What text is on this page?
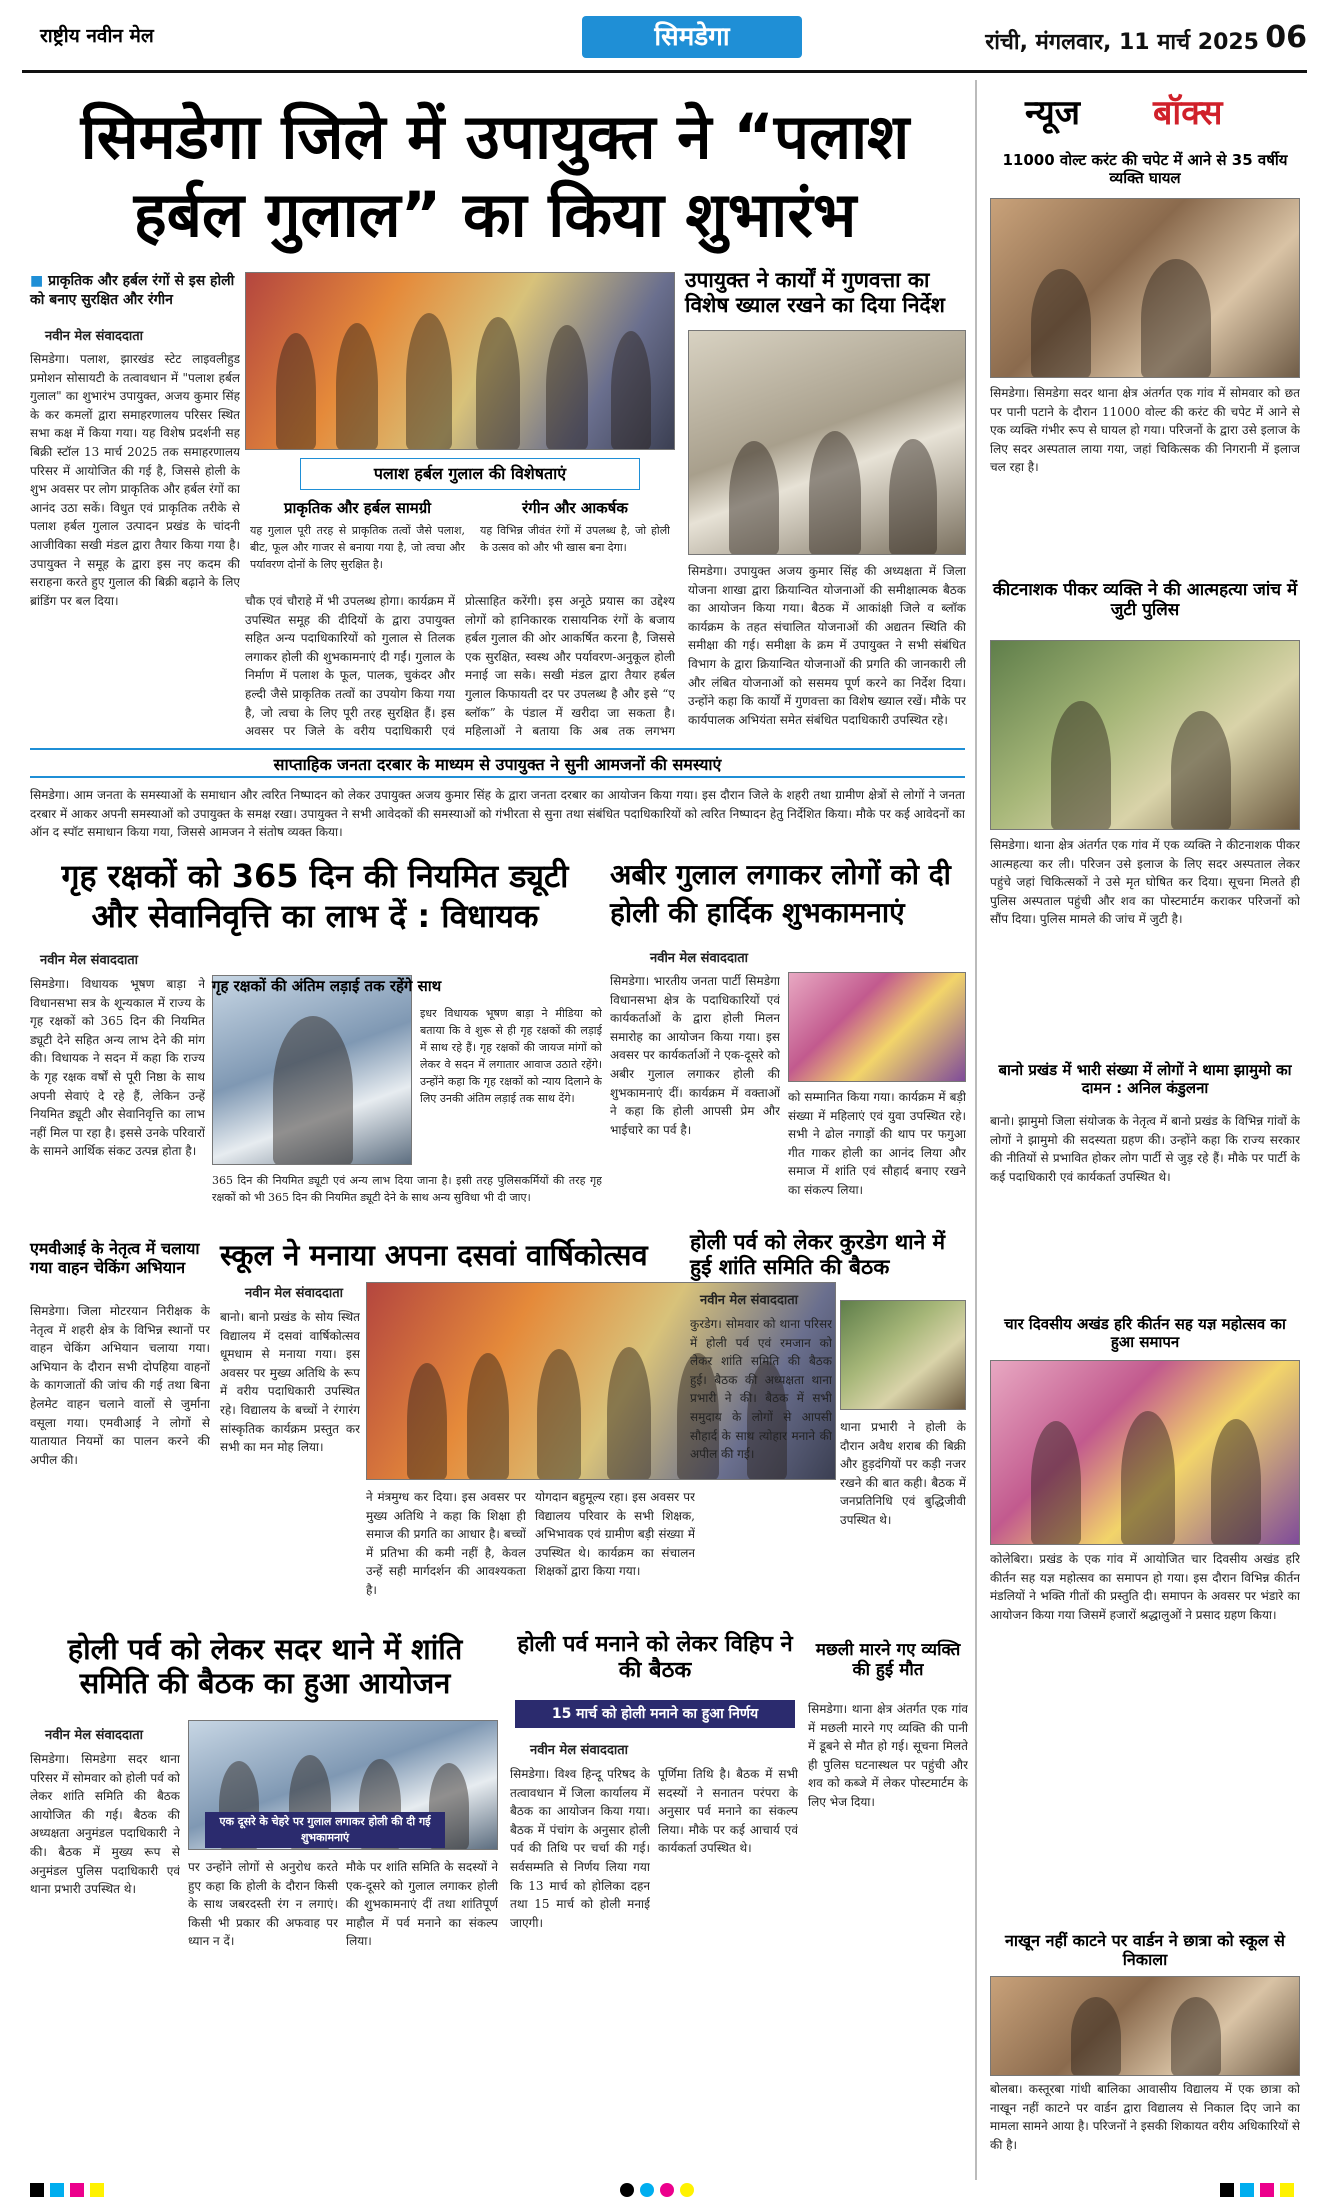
राष्ट्रीय नवीन मेल	सिमडेगा	रांची, मंगलवार, 11 मार्च 2025 06
सिमडेगा जिले में उपायुक्त ने “पलाश
हर्बल गुलाल” का किया शुभारंभ
■ प्राकृतिक और हर्बल रंगों से इस होली को बनाए सुरक्षित और रंगीन
नवीन मेल संवाददाता
सिमडेगा। पलाश, झारखंड स्टेट लाइवलीहुड प्रमोशन सोसायटी के तत्वावधान में "पलाश हर्बल गुलाल" का शुभारंभ उपायुक्त, अजय कुमार सिंह के कर कमलों द्वारा समाहरणालय परिसर स्थित सभा कक्ष में किया गया। यह विशेष प्रदर्शनी सह बिक्री स्टॉल 13 मार्च 2025 तक समाहरणालय परिसर में आयोजित की गई है, जिससे होली के शुभ अवसर पर लोग प्राकृतिक और हर्बल रंगों का आनंद उठा सकें। विधुत एवं प्राकृतिक तरीके से पलाश हर्बल गुलाल उत्पादन प्रखंड के चांदनी आजीविका सखी मंडल द्वारा तैयार किया गया है। उपायुक्त ने समूह के द्वारा इस नए कदम की सराहना करते हुए गुलाल की बिक्री बढ़ाने के लिए ब्रांडिंग पर बल दिया।
पलाश हर्बल गुलाल की विशेषताएं
प्राकृतिक और हर्बल सामग्री
यह गुलाल पूरी तरह से प्राकृतिक तत्वों जैसे पलाश, बीट, फूल और गाजर से बनाया गया है, जो त्वचा और पर्यावरण दोनों के लिए सुरक्षित है।
रंगीन और आकर्षक
यह विभिन्न जीवंत रंगों में उपलब्ध है, जो होली के उत्सव को और भी खास बना देगा।
चौक एवं चौराहे में भी उपलब्ध होगा। कार्यक्रम में उपस्थित समूह की दीदियों के द्वारा उपायुक्त सहित अन्य पदाधिकारियों को गुलाल से तिलक लगाकर होली की शुभकामनाएं दी गईं। गुलाल के निर्माण में पलाश के फूल, पालक, चुकंदर और हल्दी जैसे प्राकृतिक तत्वों का उपयोग किया गया है, जो त्वचा के लिए पूरी तरह सुरक्षित हैं। इस अवसर पर जिले के वरीय पदाधिकारी एवं
प्रोत्साहित करेंगी। इस अनूठे प्रयास का उद्देश्य लोगों को हानिकारक रासायनिक रंगों के बजाय हर्बल गुलाल की ओर आकर्षित करना है, जिससे एक सुरक्षित, स्वस्थ और पर्यावरण-अनुकूल होली मनाई जा सके। सखी मंडल द्वारा तैयार हर्बल गुलाल किफायती दर पर उपलब्ध है और इसे “ए ब्लॉक” के पंडाल में खरीदा जा सकता है। महिलाओं ने बताया कि अब तक लगभग
उपायुक्त ने कार्यों में गुणवत्ता का विशेष ख्याल रखने का दिया निर्देश
सिमडेगा। उपायुक्त अजय कुमार सिंह की अध्यक्षता में जिला योजना शाखा द्वारा क्रियान्वित योजनाओं की समीक्षात्मक बैठक का आयोजन किया गया। बैठक में आकांक्षी जिले व ब्लॉक कार्यक्रम के तहत संचालित योजनाओं की अद्यतन स्थिति की समीक्षा की गई। समीक्षा के क्रम में उपायुक्त ने सभी संबंधित विभाग के द्वारा क्रियान्वित योजनाओं की प्रगति की जानकारी ली और लंबित योजनाओं को ससमय पूर्ण करने का निर्देश दिया। उन्होंने कहा कि कार्यों में गुणवत्ता का विशेष ख्याल रखें। मौके पर कार्यपालक अभियंता समेत संबंधित पदाधिकारी उपस्थित रहे।
साप्ताहिक जनता दरबार के माध्यम से उपायुक्त ने सुनी आमजनों की समस्याएं
सिमडेगा। आम जनता के समस्याओं के समाधान और त्वरित निष्पादन को लेकर उपायुक्त अजय कुमार सिंह के द्वारा जनता दरबार का आयोजन किया गया। इस दौरान जिले के शहरी तथा ग्रामीण क्षेत्रों से लोगों ने जनता दरबार में आकर अपनी समस्याओं को उपायुक्त के समक्ष रखा। उपायुक्त ने सभी आवेदकों की समस्याओं को गंभीरता से सुना तथा संबंधित पदाधिकारियों को त्वरित निष्पादन हेतु निर्देशित किया। मौके पर कई आवेदनों का ऑन द स्पॉट समाधान किया गया, जिससे आमजन ने संतोष व्यक्त किया।
गृह रक्षकों को 365 दिन की नियमित ड्यूटी
और सेवानिवृत्ति का लाभ दें : विधायक
नवीन मेल संवाददाता
सिमडेगा। विधायक भूषण बाड़ा ने विधानसभा सत्र के शून्यकाल में राज्य के गृह रक्षकों को 365 दिन की नियमित ड्यूटी देने सहित अन्य लाभ देने की मांग की। विधायक ने सदन में कहा कि राज्य के गृह रक्षक वर्षों से पूरी निष्ठा के साथ अपनी सेवाएं दे रहे हैं, लेकिन उन्हें नियमित ड्यूटी और सेवानिवृत्ति का लाभ नहीं मिल पा रहा है। इससे उनके परिवारों के सामने आर्थिक संकट उत्पन्न होता है।
गृह रक्षकों की अंतिम लड़ाई तक रहेंगे साथ
इधर विधायक भूषण बाड़ा ने मीडिया को बताया कि वे शुरू से ही गृह रक्षकों की लड़ाई में साथ रहे हैं। गृह रक्षकों की जायज मांगों को लेकर वे सदन में लगातार आवाज उठाते रहेंगे। उन्होंने कहा कि गृह रक्षकों को न्याय दिलाने के लिए उनकी अंतिम लड़ाई तक साथ देंगे।
365 दिन की नियमित ड्यूटी एवं अन्य लाभ दिया जाना है। इसी तरह पुलिसकर्मियों की तरह गृह रक्षकों को भी 365 दिन की नियमित ड्यूटी देने के साथ अन्य सुविधा भी दी जाए।
अबीर गुलाल लगाकर लोगों को दी
होली की हार्दिक शुभकामनाएं
नवीन मेल संवाददाता
सिमडेगा। भारतीय जनता पार्टी सिमडेगा विधानसभा क्षेत्र के पदाधिकारियों एवं कार्यकर्ताओं के द्वारा होली मिलन समारोह का आयोजन किया गया। इस अवसर पर कार्यकर्ताओं ने एक-दूसरे को अबीर गुलाल लगाकर होली की शुभकामनाएं दीं। कार्यक्रम में वक्ताओं ने कहा कि होली आपसी प्रेम और भाईचारे का पर्व है।
को सम्मानित किया गया। कार्यक्रम में बड़ी संख्या में महिलाएं एवं युवा उपस्थित रहे। सभी ने ढोल नगाड़ों की थाप पर फगुआ गीत गाकर होली का आनंद लिया और समाज में शांति एवं सौहार्द बनाए रखने का संकल्प लिया।
एमवीआई के नेतृत्व में चलाया गया वाहन चेकिंग अभियान
सिमडेगा। जिला मोटरयान निरीक्षक के नेतृत्व में शहरी क्षेत्र के विभिन्न स्थानों पर वाहन चेकिंग अभियान चलाया गया। अभियान के दौरान सभी दोपहिया वाहनों के कागजातों की जांच की गई तथा बिना हेलमेट वाहन चलाने वालों से जुर्माना वसूला गया। एमवीआई ने लोगों से यातायात नियमों का पालन करने की अपील की।
स्कूल ने मनाया अपना दसवां वार्षिकोत्सव
नवीन मेल संवाददाता
बानो। बानो प्रखंड के सोय स्थित विद्यालय में दसवां वार्षिकोत्सव धूमधाम से मनाया गया। इस अवसर पर मुख्य अतिथि के रूप में वरीय पदाधिकारी उपस्थित रहे। विद्यालय के बच्चों ने रंगारंग सांस्कृतिक कार्यक्रम प्रस्तुत कर सभी का मन मोह लिया।
ने मंत्रमुग्ध कर दिया। इस अवसर पर मुख्य अतिथि ने कहा कि शिक्षा ही समाज की प्रगति का आधार है। बच्चों में प्रतिभा की कमी नहीं है, केवल उन्हें सही मार्गदर्शन की आवश्यकता है।
योगदान बहुमूल्य रहा। इस अवसर पर विद्यालय परिवार के सभी शिक्षक, अभिभावक एवं ग्रामीण बड़ी संख्या में उपस्थित थे। कार्यक्रम का संचालन शिक्षकों द्वारा किया गया।
होली पर्व को लेकर कुरडेग थाने में हुई शांति समिति की बैठक
नवीन मेल संवाददाता
कुरडेग। सोमवार को थाना परिसर में होली पर्व एवं रमजान को लेकर शांति समिति की बैठक हुई। बैठक की अध्यक्षता थाना प्रभारी ने की। बैठक में सभी समुदाय के लोगों से आपसी सौहार्द के साथ त्योहार मनाने की अपील की गई।
थाना प्रभारी ने होली के दौरान अवैध शराब की बिक्री और हुड़दंगियों पर कड़ी नजर रखने की बात कही। बैठक में जनप्रतिनिधि एवं बुद्धिजीवी उपस्थित थे।
होली पर्व को लेकर सदर थाने में शांति समिति की बैठक का हुआ आयोजन
नवीन मेल संवाददाता
सिमडेगा। सिमडेगा सदर थाना परिसर में सोमवार को होली पर्व को लेकर शांति समिति की बैठक आयोजित की गई। बैठक की अध्यक्षता अनुमंडल पदाधिकारी ने की। बैठक में मुख्य रूप से अनुमंडल पुलिस पदाधिकारी एवं थाना प्रभारी उपस्थित थे।
एक दूसरे के चेहरे पर गुलाल लगाकर होली की दी गई शुभकामनाएं
पर उन्होंने लोगों से अनुरोध करते हुए कहा कि होली के दौरान किसी के साथ जबरदस्ती रंग न लगाएं। किसी भी प्रकार की अफवाह पर ध्यान न दें।
मौके पर शांति समिति के सदस्यों ने एक-दूसरे को गुलाल लगाकर होली की शुभकामनाएं दीं तथा शांतिपूर्ण माहौल में पर्व मनाने का संकल्प लिया।
होली पर्व मनाने को लेकर विहिप ने की बैठक
15 मार्च को होली मनाने का हुआ निर्णय
नवीन मेल संवाददाता
सिमडेगा। विश्व हिन्दू परिषद के तत्वावधान में जिला कार्यालय में बैठक का आयोजन किया गया। बैठक में पंचांग के अनुसार होली पर्व की तिथि पर चर्चा की गई। सर्वसम्मति से निर्णय लिया गया कि 13 मार्च को होलिका दहन तथा 15 मार्च को होली मनाई जाएगी।
पूर्णिमा तिथि है। बैठक में सभी सदस्यों ने सनातन परंपरा के अनुसार पर्व मनाने का संकल्प लिया। मौके पर कई आचार्य एवं कार्यकर्ता उपस्थित थे।
मछली मारने गए व्यक्ति की हुई मौत
सिमडेगा। थाना क्षेत्र अंतर्गत एक गांव में मछली मारने गए व्यक्ति की पानी में डूबने से मौत हो गई। सूचना मिलते ही पुलिस घटनास्थल पर पहुंची और शव को कब्जे में लेकर पोस्टमार्टम के लिए भेज दिया।
न्यूज बॉक्स
11000 वोल्ट करंट की चपेट में आने से 35 वर्षीय व्यक्ति घायल
सिमडेगा। सिमडेगा सदर थाना क्षेत्र अंतर्गत एक गांव में सोमवार को छत पर पानी पटाने के दौरान 11000 वोल्ट की करंट की चपेट में आने से एक व्यक्ति गंभीर रूप से घायल हो गया। परिजनों के द्वारा उसे इलाज के लिए सदर अस्पताल लाया गया, जहां चिकित्सक की निगरानी में इलाज चल रहा है।
कीटनाशक पीकर व्यक्ति ने की आत्महत्या जांच में जुटी पुलिस
सिमडेगा। थाना क्षेत्र अंतर्गत एक गांव में एक व्यक्ति ने कीटनाशक पीकर आत्महत्या कर ली। परिजन उसे इलाज के लिए सदर अस्पताल लेकर पहुंचे जहां चिकित्सकों ने उसे मृत घोषित कर दिया। सूचना मिलते ही पुलिस अस्पताल पहुंची और शव का पोस्टमार्टम कराकर परिजनों को सौंप दिया। पुलिस मामले की जांच में जुटी है।
बानो प्रखंड में भारी संख्या में लोगों ने थामा झामुमो का दामन : अनिल कंडुलना
बानो। झामुमो जिला संयोजक के नेतृत्व में बानो प्रखंड के विभिन्न गांवों के लोगों ने झामुमो की सदस्यता ग्रहण की। उन्होंने कहा कि राज्य सरकार की नीतियों से प्रभावित होकर लोग पार्टी से जुड़ रहे हैं। मौके पर पार्टी के कई पदाधिकारी एवं कार्यकर्ता उपस्थित थे।
चार दिवसीय अखंड हरि कीर्तन सह यज्ञ महोत्सव का हुआ समापन
कोलेबिरा। प्रखंड के एक गांव में आयोजित चार दिवसीय अखंड हरि कीर्तन सह यज्ञ महोत्सव का समापन हो गया। इस दौरान विभिन्न कीर्तन मंडलियों ने भक्ति गीतों की प्रस्तुति दी। समापन के अवसर पर भंडारे का आयोजन किया गया जिसमें हजारों श्रद्धालुओं ने प्रसाद ग्रहण किया।
नाखून नहीं काटने पर वार्डन ने छात्रा को स्कूल से निकाला
बोलबा। कस्तूरबा गांधी बालिका आवासीय विद्यालय में एक छात्रा को नाखून नहीं काटने पर वार्डन द्वारा विद्यालय से निकाल दिए जाने का मामला सामने आया है। परिजनों ने इसकी शिकायत वरीय अधिकारियों से की है।
